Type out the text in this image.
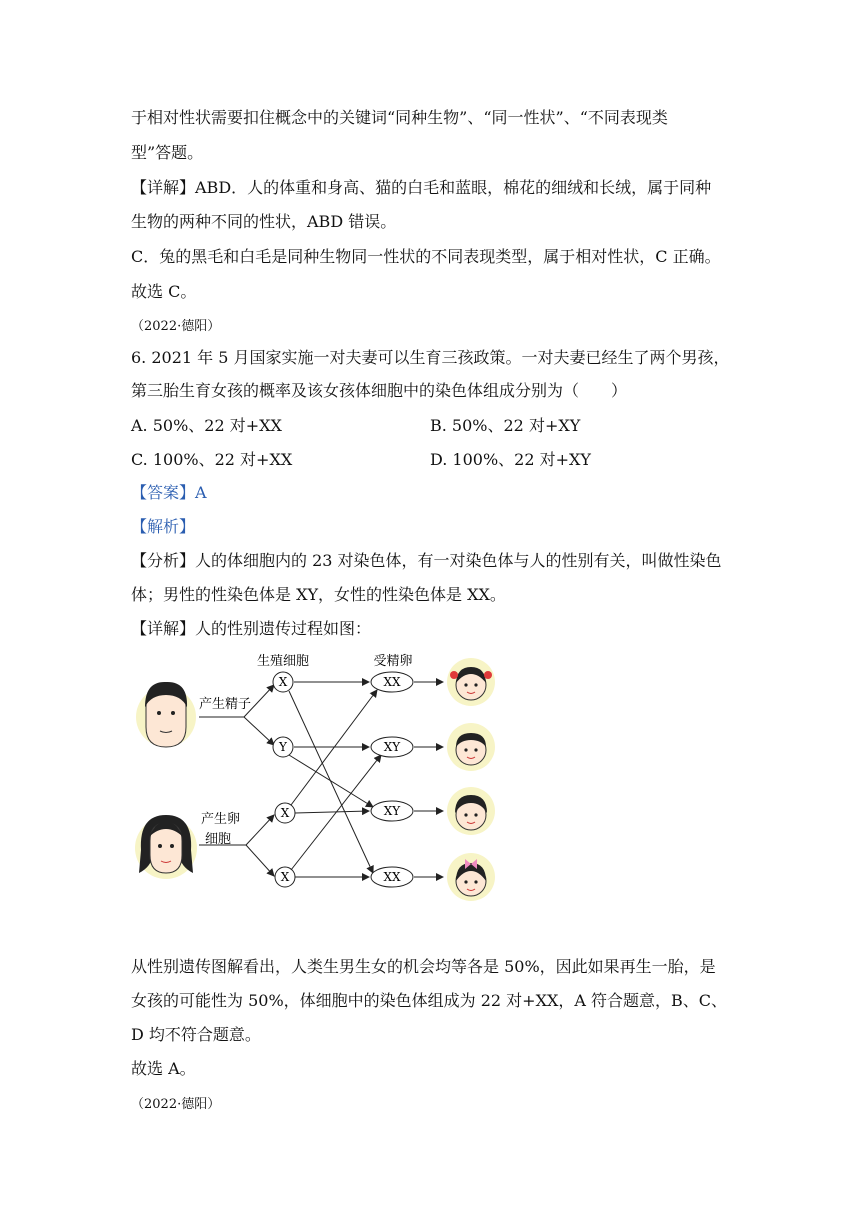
于相对性状需要扣住概念中的关键词“同种生物”、“同一性状”、“不同表现类
型”答题。
【详解】ABD．人的体重和身高、猫的白毛和蓝眼，棉花的细绒和长绒，属于同种
生物的两种不同的性状，ABD 错误。
C．兔的黑毛和白毛是同种生物同一性状的不同表现类型，属于相对性状，C 正确。
故选 C。
（2022·德阳）
6. 2021 年 5 月国家实施一对夫妻可以生育三孩政策。一对夫妻已经生了两个男孩，
第三胎生育女孩的概率及该女孩体细胞中的染色体组成分别为（　　）
A. 50%、22 对+XX	B. 50%、22 对+XY
C. 100%、22 对+XX	D. 100%、22 对+XY
【答案】A
【解析】
【分析】人的体细胞内的 23 对染色体，有一对染色体与人的性别有关，叫做性染色
体；男性的性染色体是 XY，女性的性染色体是 XX。
【详解】人的性别遗传过程如图：
生殖细胞	受精卵
产生精子
产生卵
细胞
X
Y
X
X
XX
XY
XY
XX
从性别遗传图解看出，人类生男生女的机会均等各是 50%，因此如果再生一胎，是
女孩的可能性为 50%，体细胞中的染色体组成为 22 对+XX，A 符合题意，B、C、
D 均不符合题意。
故选 A。
（2022·德阳）
